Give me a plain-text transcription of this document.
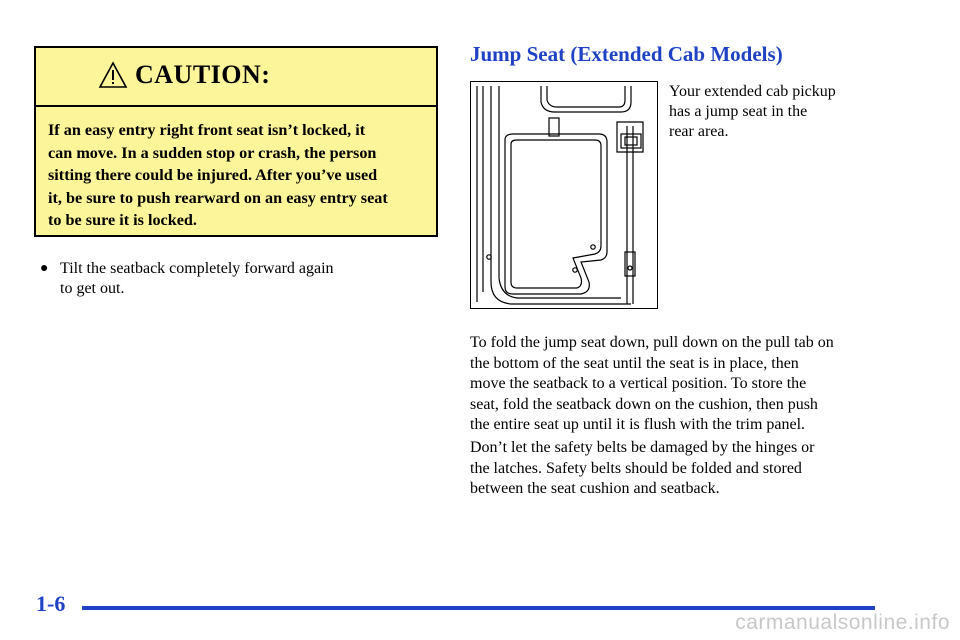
CAUTION:
If an easy entry right front seat isn’t locked, it
can move. In a sudden stop or crash, the person
sitting there could be injured. After you’ve used
it, be sure to push rearward on an easy entry seat
to be sure it is locked.
● Tilt the seatback completely forward again
to get out.
Jump Seat (Extended Cab Models)
Your extended cab pickup
has a jump seat in the
rear area.
To fold the jump seat down, pull down on the pull tab on
the bottom of the seat until the seat is in place, then
move the seatback to a vertical position. To store the
seat, fold the seatback down on the cushion, then push
the entire seat up until it is flush with the trim panel.
Don’t let the safety belts be damaged by the hinges or
the latches. Safety belts should be folded and stored
between the seat cushion and seatback.
1-6
carmanualsonline.info
